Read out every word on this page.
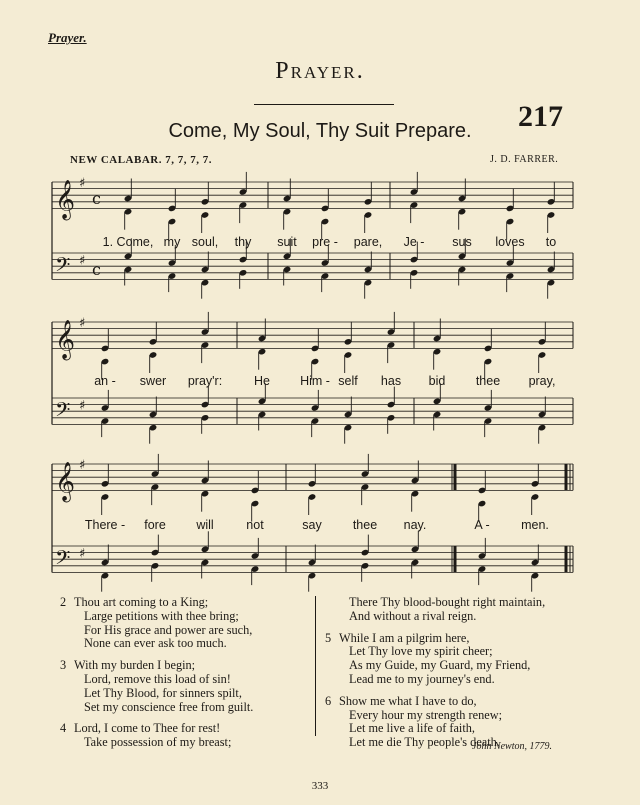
Prayer.
Prayer.
217
Come, My Soul, Thy Suit Prepare.
NEW CALABAR. 7, 7, 7, 7.	J. D. FARRER.
𝄞 ♯
c
𝄢 ♯ c
𝄞 ♯
𝄢 ♯
𝄞 ♯
𝄢 ♯
1. Come, my soul, thy suit pre - pare, Je - sus loves to
an - swer pray'r:	He Him - self has bid thee pray,
There - fore will	not	say thee nay.	A -	men.
2 Thou art coming to a King;
Large petitions with thee bring;
For His grace and power are such,
None can ever ask too much.
3 With my burden I begin;
Lord, remove this load of sin!
Let Thy Blood, for sinners spilt,
Set my conscience free from guilt.
4 Lord, I come to Thee for rest!
Take possession of my breast;
There Thy blood-bought right maintain,
And without a rival reign.
5 While I am a pilgrim here,
Let Thy love my spirit cheer;
As my Guide, my Guard, my Friend,
Lead me to my journey's end.
6 Show me what I have to do,
Every hour my strength renew;
Let me live a life of faith,
Let me die Thy people's death.
John Newton, 1779.
333
